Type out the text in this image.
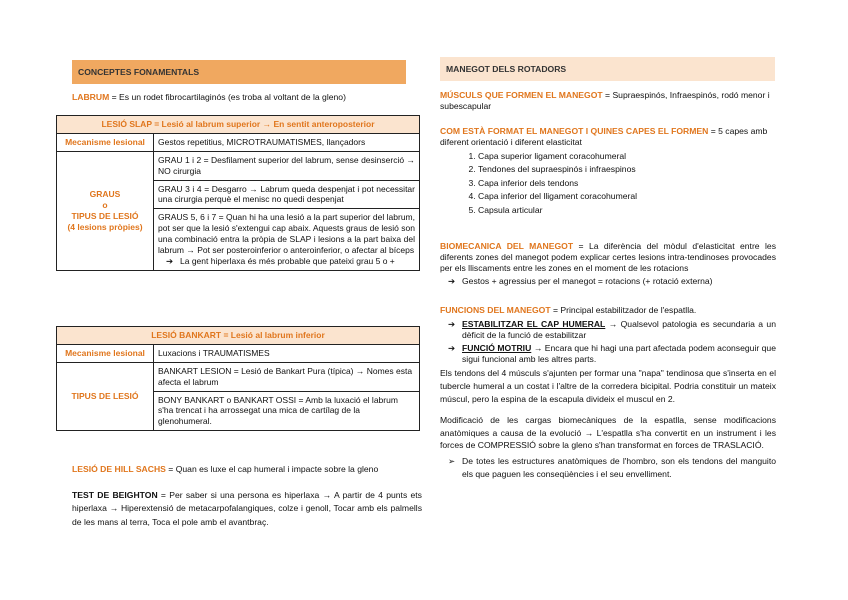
CONCEPTES FONAMENTALS
LABRUM = Es un rodet fibrocartilaginós (es troba al voltant de la gleno)
LESIÓ SLAP = Lesió al labrum superior → En sentit anteroposterior	
Mecanisme lesional	Gestos repetitius, MICROTRAUMATISMES, llançadors

GRAUS
o
TIPUS DE LESIÓ
(4 lesions pròpies)	GRAU 1 i 2 = Desfilament superior del labrum, sense desinserció → NO cirurgia
	GRAU 3 i 4 = Desgarro → Labrum queda despenjat i pot necessitar una cirurgia perquè el menisc no quedi despenjat

	GRAUS 5, 6 i 7 = Quan hi ha una lesió a la part superior del labrum, pot ser que la lesió s'extengui cap abaix. Aquests graus de lesió son una combinació entra la pròpia de SLAP i lesions a la part baixa del labrum → Pot ser posteroinferior o anteroinferior, o afectar al bíceps
➔ La gent hiperlaxa és més probable que pateixi grau 5 o +
LESIÓ BANKART = Lesió al labrum inferior	
Mecanisme lesional	Luxacions i TRAUMATISMES
TIPUS DE LESIÓ	BANKART LESION = Lesió de Bankart Pura (típica) → Nomes esta afecta el labrum
	BONY BANKART o BANKART OSSI = Amb la luxació el labrum s'ha trencat i ha arrossegat una mica de cartílag de la glenohumeral.
LESIÓ DE HILL SACHS = Quan es luxe el cap humeral i impacte sobre la gleno
TEST DE BEIGHTON = Per saber si una persona es hiperlaxa → A partir de 4 punts ets hiperlaxa → Hiperextensió de metacarpofalangiques, colze i genoll, Tocar amb els palmells de les mans al terra, Toca el pole amb el avantbraç.
MANEGOT DELS ROTADORS
MÚSCULS QUE FORMEN EL MANEGOT = Supraespinós, Infraespinós, rodó menor i subescapular
COM ESTÀ FORMAT EL MANEGOT I QUINES CAPES EL FORMEN = 5 capes amb diferent orientació i diferent elasticitat
1. Capa superior ligament coracohumeral
2. Tendones del supraespinós i infraespinos
3. Capa inferior dels tendons
4. Capa inferior del lligament coracohumeral
5. Capsula articular
BIOMECANICA DEL MANEGOT = La diferència del mòdul d'elasticitat entre les diferents zones del manegot podem explicar certes lesions intra-tendinoses provocades per els lliscaments entre les zones en el moment de les rotacions
➔ Gestos + agressius per el manegot = rotacions (+ rotació externa)
FUNCIONS DEL MANEGOT = Principal estabilitzador de l'espatlla.
➔ ESTABILITZAR EL CAP HUMERAL → Qualsevol patologia es secundaria a un dèficit de la funció de estabilitzar
➔ FUNCIÓ MOTRIU → Encara que hi hagi una part afectada podem aconseguir que sigui funcional amb les altres parts.
Els tendons del 4 músculs s'ajunten per formar una "napa" tendinosa que s'inserta en el tubercle humeral a un costat i l'altre de la corredera bicipital. Podria constituir un mateix múscul, pero la espina de la escapula divideix el muscul en 2.
Modificació de les cargas biomecàniques de la espatlla, sense modificacions anatòmiques a causa de la evolució → L'espatlla s'ha convertit en un instrument i les forces de COMPRESSIÓ sobre la gleno s'han transformat en forces de TRASLACIÓ.
➢ De totes les estructures anatòmiques de l'hombro, son els tendons del manguito els que paguen les conseqüències i el seu envelliment.
